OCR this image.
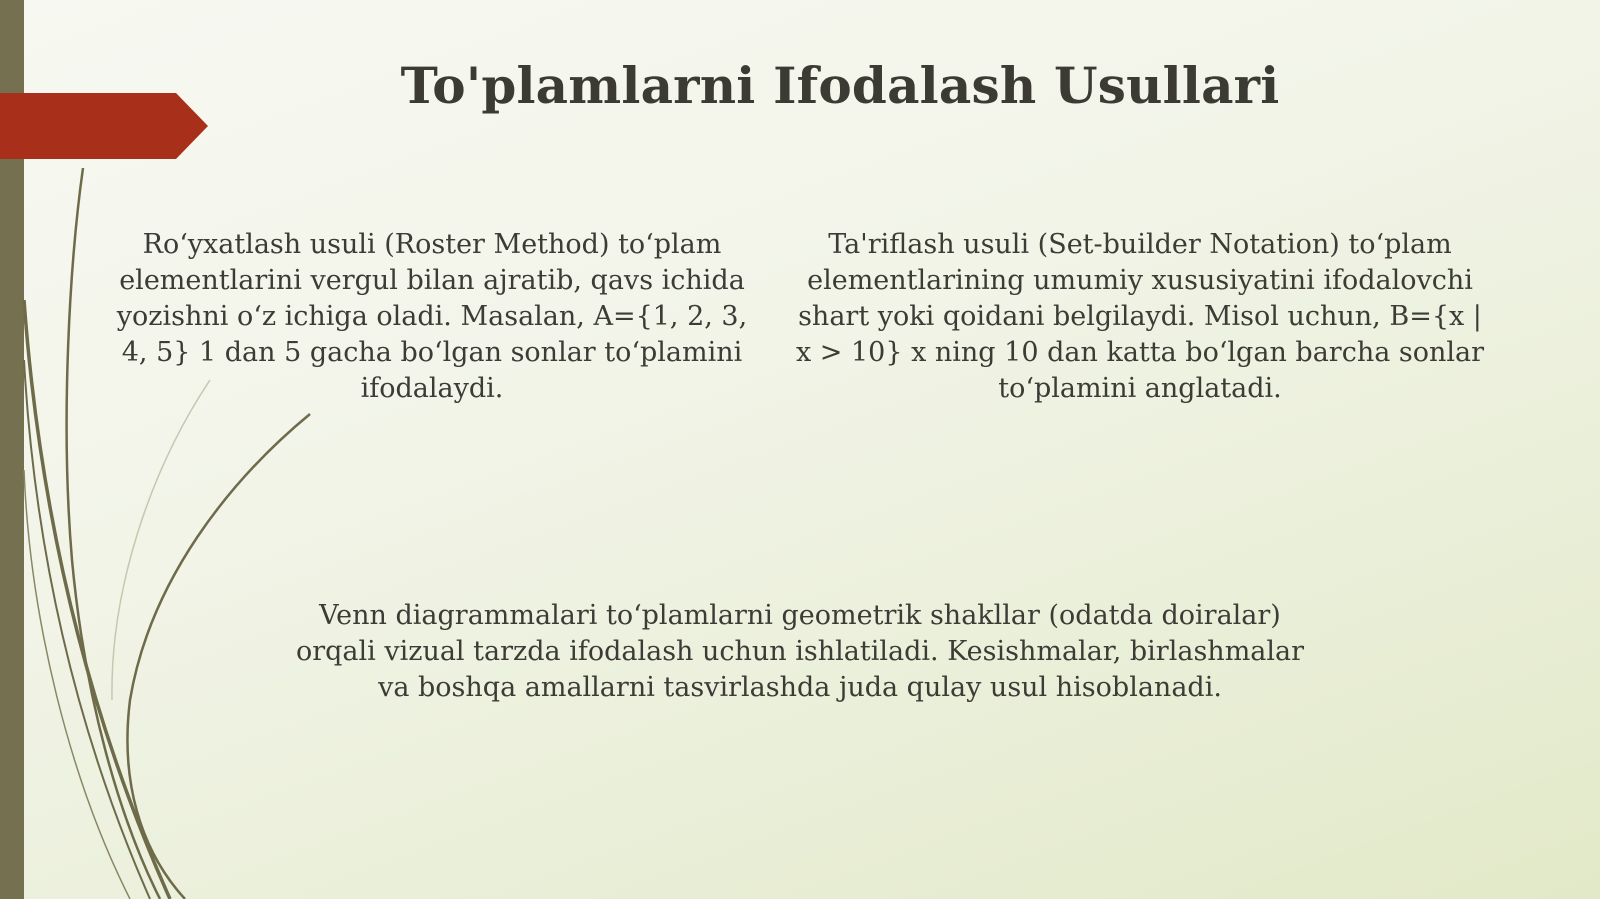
To'plamlarni Ifodalash Usullari

Ro‘yxatlash usuli (Roster Method) to‘plam elementlarini vergul bilan ajratib, qavs ichida yozishni o‘z ichiga oladi. Masalan, A={1, 2, 3, 4, 5} 1 dan 5 gacha bo‘lgan sonlar to‘plamini ifodalaydi.

Ta'riflash usuli (Set-builder Notation) to‘plam elementlarining umumiy xususiyatini ifodalovchi shart yoki qoidani belgilaydi. Misol uchun, B={x | x > 10} x ning 10 dan katta bo‘lgan barcha sonlar to‘plamini anglatadi.

Venn diagrammalari to‘plamlarni geometrik shakllar (odatda doiralar) orqali vizual tarzda ifodalash uchun ishlatiladi. Kesishmalar, birlashmalar va boshqa amallarni tasvirlashda juda qulay usul hisoblanadi.
